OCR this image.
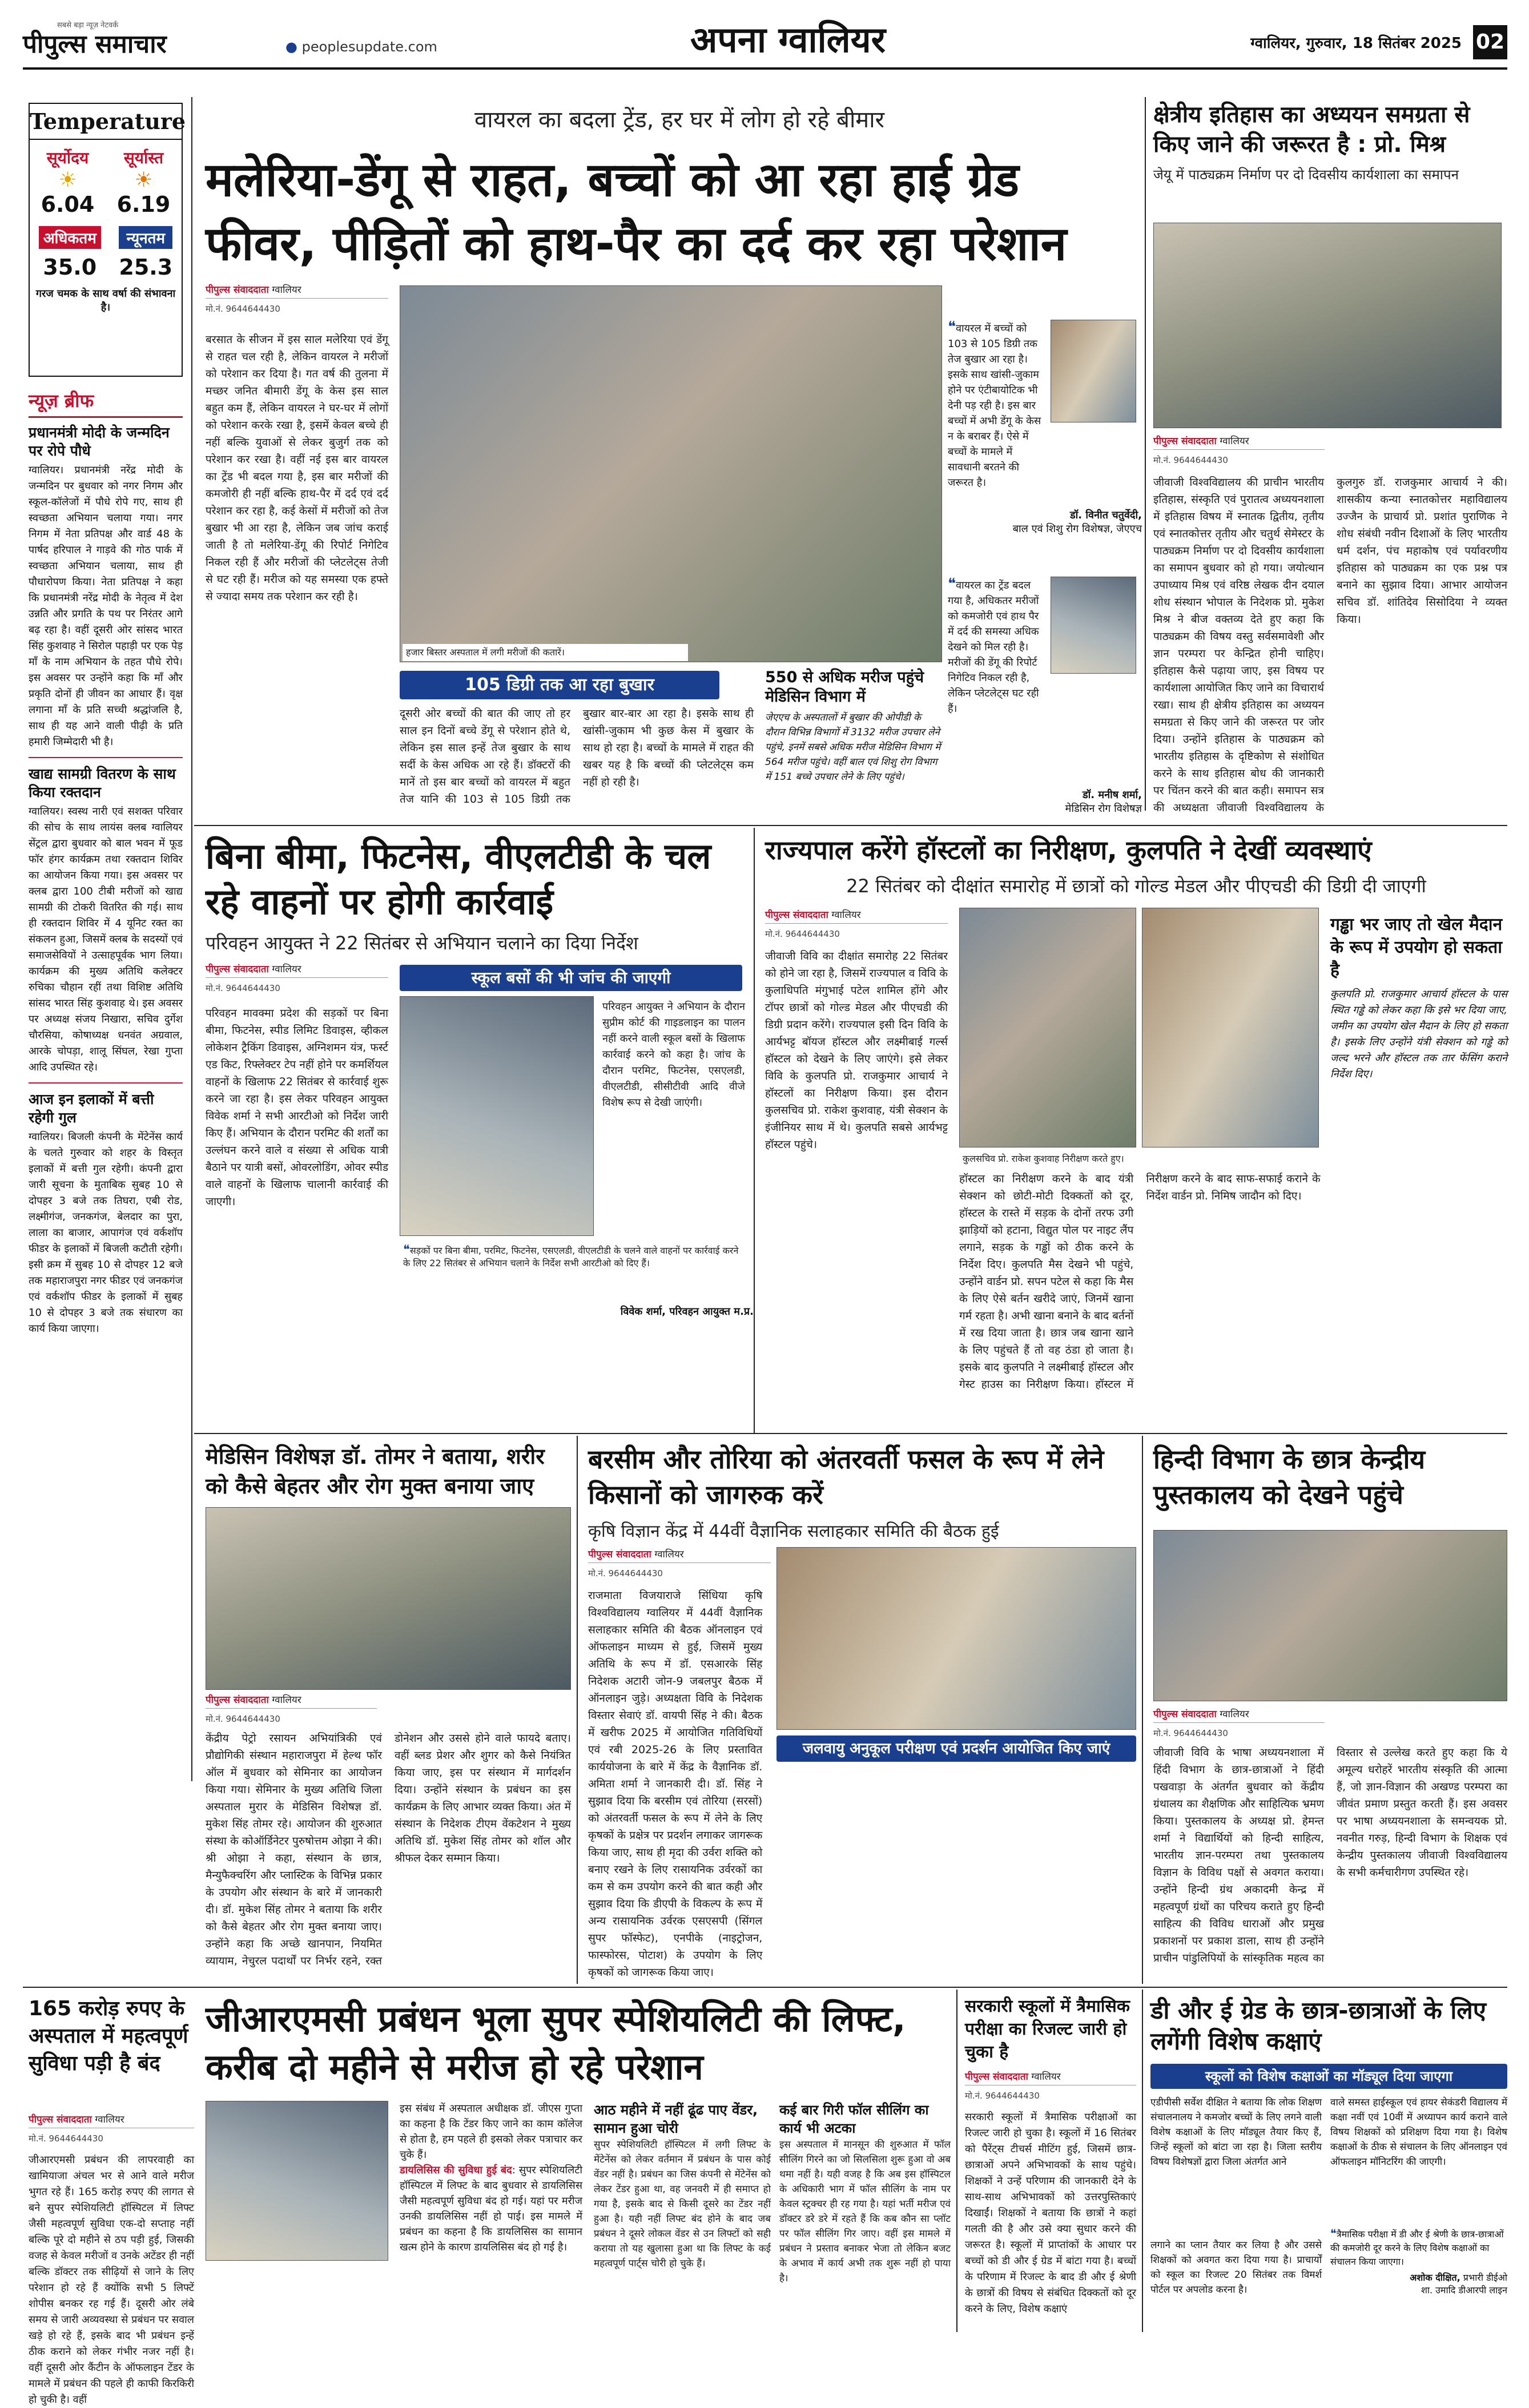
सबसे बड़ा न्यूज़ नेटवर्क
पीपुल्स समाचार	● peoplesupdate.com	अपना ग्वालियर	ग्वालियर, गुरुवार, 18 सितंबर 2025 02
Temperature
सूर्योदय
☀
6.04
सूर्यास्त
☀
6.19
अधिकतम
35.0
न्यूनतम
25.3
गरज चमक के साथ वर्षा की संभावना है।
न्यूज़ ब्रीफ
प्रधानमंत्री मोदी के जन्मदिन पर रोपे पौधे
ग्वालियर। प्रधानमंत्री नरेंद्र मोदी के जन्मदिन पर बुधवार को नगर निगम और स्कूल-कॉलेजों में पौधे रोपे गए, साथ ही स्वच्छता अभियान चलाया गया। नगर निगम में नेता प्रतिपक्ष और वार्ड 48 के पार्षद हरिपाल ने गाड़वे की गोठ पार्क में स्वच्छता अभियान चलाया, साथ ही पौधारोपण किया। नेता प्रतिपक्ष ने कहा कि प्रधानमंत्री नरेंद्र मोदी के नेतृत्व में देश उन्नति और प्रगति के पथ पर निरंतर आगे बढ़ रहा है। वहीं दूसरी ओर सांसद भारत सिंह कुशवाह ने सिरोल पहाड़ी पर एक पेड़ माँ के नाम अभियान के तहत पौधे रोपे। इस अवसर पर उन्होंने कहा कि माँ और प्रकृति दोनों ही जीवन का आधार हैं। वृक्ष लगाना माँ के प्रति सच्ची श्रद्धांजलि है, साथ ही यह आने वाली पीढ़ी के प्रति हमारी जिम्मेदारी भी है।
खाद्य सामग्री वितरण के साथ किया रक्तदान
ग्वालियर। स्वस्थ नारी एवं सशक्त परिवार की सोच के साथ लायंस क्लब ग्वालियर सेंट्रल द्वारा बुधवार को बाल भवन में फूड फॉर हंगर कार्यक्रम तथा रक्तदान शिविर का आयोजन किया गया। इस अवसर पर क्लब द्वारा 100 टीबी मरीजों को खाद्य सामग्री की टोकरी वितरित की गई। साथ ही रक्तदान शिविर में 4 यूनिट रक्त का संकलन हुआ, जिसमें क्लब के सदस्यों एवं समाजसेवियों ने उत्साहपूर्वक भाग लिया। कार्यक्रम की मुख्य अतिथि कलेक्टर रुचिका चौहान रहीं तथा विशिष्ट अतिथि सांसद भारत सिंह कुशवाह थे। इस अवसर पर अध्यक्ष संजय निखारा, सचिव दुर्गेश चौरसिया, कोषाध्यक्ष धनवंत अग्रवाल, आरके चोपड़ा, शालू सिंघल, रेखा गुप्ता आदि उपस्थित रहे।
आज इन इलाकों में बत्ती रहेगी गुल
ग्वालियर। बिजली कंपनी के मेंटेनेंस कार्य के चलते गुरुवार को शहर के विस्तृत इलाकों में बत्ती गुल रहेगी। कंपनी द्वारा जारी सूचना के मुताबिक सुबह 10 से दोपहर 3 बजे तक तिघरा, एबी रोड, लक्ष्मीगंज, जनकगंज, बेलदार का पुरा, लाला का बाजार, आपागंज एवं वर्कशॉप फीडर के इलाकों में बिजली कटौती रहेगी। इसी क्रम में सुबह 10 से दोपहर 12 बजे तक महाराजपुरा नगर फीडर एवं जनकगंज एवं वर्कशॉप फीडर के इलाकों में सुबह 10 से दोपहर 3 बजे तक संधारण का कार्य किया जाएगा।
वायरल का बदला ट्रेंड, हर घर में लोग हो रहे बीमार
मलेरिया-डेंगू से राहत, बच्चों को आ रहा हाई ग्रेड फीवर, पीड़ितों को हाथ-पैर का दर्द कर रहा परेशान
पीपुल्स संवाददाता ग्वालियर
मो.नं. 9644644430
हजार बिस्तर अस्पताल में लगी मरीजों की कतारें।
बरसात के सीजन में इस साल मलेरिया एवं डेंगू से राहत चल रही है, लेकिन वायरल ने मरीजों को परेशान कर दिया है। गत वर्ष की तुलना में मच्छर जनित बीमारी डेंगू के केस इस साल बहुत कम हैं, लेकिन वायरल ने घर-घर में लोगों को परेशान करके रखा है, इसमें केवल बच्चे ही नहीं बल्कि युवाओं से लेकर बुजुर्ग तक को परेशान कर रखा है। वहीं नई इस बार वायरल का ट्रेंड भी बदल गया है, इस बार मरीजों की कमजोरी ही नहीं बल्कि हाथ-पैर में दर्द एवं दर्द परेशान कर रहा है, कई केसों में मरीजों को तेज बुखार भी आ रहा है, लेकिन जब जांच कराई जाती है तो मलेरिया-डेंगू की रिपोर्ट निगेटिव निकल रही हैं और मरीजों की प्लेटलेट्स तेजी से घट रही हैं। मरीज को यह समस्या एक हफ्ते से ज्यादा समय तक परेशान कर रही है।
105 डिग्री तक आ रहा बुखार
दूसरी ओर बच्चों की बात की जाए तो हर साल इन दिनों बच्चे डेंगू से परेशान होते थे, लेकिन इस साल इन्हें तेज बुखार के साथ सर्दी के केस अधिक आ रहे हैं। डॉक्टरों की मानें तो इस बार बच्चों को वायरल में बहुत तेज यानि की 103 से 105 डिग्री तक बुखार बार-बार आ रहा है। इसके साथ ही खांसी-जुकाम भी कुछ केस में बुखार के साथ हो रहा है। बच्चों के मामले में राहत की खबर यह है कि बच्चों की प्लेटलेट्स कम नहीं हो रही है।
❝वायरल में बच्चों को 103 से 105 डिग्री तक तेज बुखार आ रहा है। इसके साथ खांसी-जुकाम होने पर एंटीबायोटिक भी देनी पड़ रही है। इस बार बच्चों में अभी डेंगू के केस न के बराबर हैं। ऐसे में बच्चों के मामले में सावधानी बरतने की जरूरत है।
डॉ. विनीत चतुर्वेदी,
बाल एवं शिशु रोग विशेषज्ञ, जेएएच
❝वायरल का ट्रेंड बदल गया है, अधिकतर मरीजों को कमजोरी एवं हाथ पैर में दर्द की समस्या अधिक देखने को मिल रही है। मरीजों की डेंगू की रिपोर्ट निगेटिव निकल रही है, लेकिन प्लेटलेट्स घट रही हैं।
डॉ. मनीष शर्मा,
मेडिसिन रोग विशेषज्ञ
550 से अधिक मरीज पहुंचे मेडिसिन विभाग में
जेएएच के अस्पतालों में बुखार की ओपीडी के दौरान विभिन्न विभागों में 3132 मरीज उपचार लेने पहुंचे, इनमें सबसे अधिक मरीज मेडिसिन विभाग में 564 मरीज पहुंचे। वहीं बाल एवं शिशु रोग विभाग में 151 बच्चे उपचार लेने के लिए पहुंचे।
क्षेत्रीय इतिहास का अध्ययन समग्रता से किए जाने की जरूरत है : प्रो. मिश्र
जेयू में पाठ्यक्रम निर्माण पर दो दिवसीय कार्यशाला का समापन
पीपुल्स संवाददाता ग्वालियर
मो.नं. 9644644430
जीवाजी विश्वविद्यालय की प्राचीन भारतीय इतिहास, संस्कृति एवं पुरातत्व अध्ययनशाला में इतिहास विषय में स्नातक द्वितीय, तृतीय एवं स्नातकोत्तर तृतीय और चतुर्थ सेमेस्टर के पाठ्यक्रम निर्माण पर दो दिवसीय कार्यशाला का समापन बुधवार को हो गया। जयोत्थान उपाध्याय मिश्र एवं वरिष्ठ लेखक दीन दयाल शोध संस्थान भोपाल के निदेशक प्रो. मुकेश मिश्र ने बीज वक्तव्य देते हुए कहा कि पाठ्यक्रम की विषय वस्तु सर्वसमावेशी और ज्ञान परम्परा पर केन्द्रित होनी चाहिए। इतिहास कैसे पढ़ाया जाए, इस विषय पर कार्यशाला आयोजित किए जाने का विचारार्थ रखा। साथ ही क्षेत्रीय इतिहास का अध्ययन समग्रता से किए जाने की जरूरत पर जोर दिया। उन्होंने इतिहास के पाठ्यक्रम को भारतीय इतिहास के दृष्टिकोण से संशोधित करने के साथ इतिहास बोध की जानकारी पर चिंतन करने की बात कही। समापन सत्र की अध्यक्षता जीवाजी विश्वविद्यालय के कुलगुरु डॉ. राजकुमार आचार्य ने की। शासकीय कन्या स्नातकोत्तर महाविद्यालय उज्जैन के प्राचार्य प्रो. प्रशांत पुराणिक ने शोध संबंधी नवीन दिशाओं के लिए भारतीय धर्म दर्शन, पंच महाकोष एवं पर्यावरणीय इतिहास को पाठ्यक्रम का एक प्रश्न पत्र बनाने का सुझाव दिया। आभार आयोजन सचिव डॉ. शांतिदेव सिसोदिया ने व्यक्त किया।
बिना बीमा, फिटनेस, वीएलटीडी के चल रहे वाहनों पर होगी कार्रवाई
परिवहन आयुक्त ने 22 सितंबर से अभियान चलाने का दिया निर्देश
पीपुल्स संवाददाता ग्वालियर
मो.नं. 9644644430
स्कूल बसों की भी जांच की जाएगी
परिवहन मावक्मा प्रदेश की सड़कों पर बिना बीमा, फिटनेस, स्पीड लिमिट डिवाइस, व्हीकल लोकेशन ट्रैकिंग डिवाइस, अग्निशमन यंत्र, फर्स्ट एड किट, रिफ्लेक्टर टेप नहीं होने पर कमर्शियल वाहनों के खिलाफ 22 सितंबर से कार्रवाई शुरू करने जा रहा है। इस लेकर परिवहन आयुक्त विवेक शर्मा ने सभी आरटीओ को निर्देश जारी किए हैं। अभियान के दौरान परमिट की शर्तों का उल्लंघन करने वाले व संख्या से अधिक यात्री बैठाने पर यात्री बसों, ओवरलोडिंग, ओवर स्पीड वाले वाहनों के खिलाफ चालानी कार्रवाई की जाएगी।
परिवहन आयुक्त ने अभियान के दौरान सुप्रीम कोर्ट की गाइडलाइन का पालन नहीं करने वाली स्कूल बसों के खिलाफ कार्रवाई करने को कहा है। जांच के दौरान परमिट, फिटनेस, एसएलडी, वीएलटीडी, सीसीटीवी आदि वीजे विशेष रूप से देखी जाएंगी।
❝सड़कों पर बिना बीमा, परमिट, फिटनेस, एसएलडी, वीएलटीडी के चलने वाले वाहनों पर कार्रवाई करने के लिए 22 सितंबर से अभियान चलाने के निर्देश सभी आरटीओ को दिए हैं।
विवेक शर्मा, परिवहन आयुक्त म.प्र.
राज्यपाल करेंगे हॉस्टलों का निरीक्षण, कुलपति ने देखीं व्यवस्थाएं
22 सितंबर को दीक्षांत समारोह में छात्रों को गोल्ड मेडल और पीएचडी की डिग्री दी जाएगी
पीपुल्स संवाददाता ग्वालियर
मो.नं. 9644644430
जीवाजी विवि का दीक्षांत समारोह 22 सितंबर को होने जा रहा है, जिसमें राज्यपाल व विवि के कुलाधिपति मंगुभाई पटेल शामिल होंगे और टॉपर छात्रों को गोल्ड मेडल और पीएचडी की डिग्री प्रदान करेंगे। राज्यपाल इसी दिन विवि के आर्यभट्ट बॉयज हॉस्टल और लक्ष्मीबाई गर्ल्स हॉस्टल को देखने के लिए जाएंगे। इसे लेकर विवि के कुलपति प्रो. राजकुमार आचार्य ने हॉस्टलों का निरीक्षण किया। इस दौरान कुलसचिव प्रो. राकेश कुशवाह, यंत्री सेक्शन के इंजीनियर साथ में थे। कुलपति सबसे आर्यभट्ट हॉस्टल पहुंचे।
कुलसचिव प्रो. राकेश कुशवाह निरीक्षण करते हुए।
हॉस्टल का निरीक्षण करने के बाद यंत्री सेक्शन को छोटी-मोटी दिक्कतों को दूर, हॉस्टल के रास्ते में सड़क के दोनों तरफ उगी झाड़ियों को हटाना, विद्युत पोल पर नाइट लैंप लगाने, सड़क के गड्ढों को ठीक करने के निर्देश दिए। कुलपति मैस देखने भी पहुंचे, उन्होंने वार्डन प्रो. सपन पटेल से कहा कि मैस के लिए ऐसे बर्तन खरीदे जाएं, जिनमें खाना गर्म रहता है। अभी खाना बनाने के बाद बर्तनों में रख दिया जाता है। छात्र जब खाना खाने के लिए पहुंचते हैं तो वह ठंडा हो जाता है। इसके बाद कुलपति ने लक्ष्मीबाई हॉस्टल और गेस्ट हाउस का निरीक्षण किया। हॉस्टल में निरीक्षण करने के बाद साफ-सफाई कराने के निर्देश वार्डन प्रो. निमिष जादौन को दिए।
गड्ढा भर जाए तो खेल मैदान के रूप में उपयोग हो सकता है
कुलपति प्रो. राजकुमार आचार्य हॉस्टल के पास स्थित गड्ढे को लेकर कहा कि इसे भर दिया जाए, जमीन का उपयोग खेल मैदान के लिए हो सकता है। इसके लिए उन्होंने यंत्री सेक्शन को गड्ढे को जल्द भरने और हॉस्टल तक तार फेंसिंग कराने निर्देश दिए।
मेडिसिन विशेषज्ञ डॉ. तोमर ने बताया, शरीर को कैसे बेहतर और रोग मुक्त बनाया जाए
पीपुल्स संवाददाता ग्वालियर
मो.नं. 9644644430
केंद्रीय पेट्रो रसायन अभियांत्रिकी एवं प्रौद्योगिकी संस्थान महाराजपुरा में हेल्थ फॉर ऑल में बुधवार को सेमिनार का आयोजन किया गया। सेमिनार के मुख्य अतिथि जिला अस्पताल मुरार के मेडिसिन विशेषज्ञ डॉ. मुकेश सिंह तोमर रहे। आयोजन की शुरुआत संस्था के कोऑर्डिनेटर पुरुषोत्तम ओझा ने की। श्री ओझा ने कहा, संस्थान के छात्र, मैन्युफैक्चरिंग और प्लास्टिक के विभिन्न प्रकार के उपयोग और संस्थान के बारे में जानकारी दी। डॉ. मुकेश सिंह तोमर ने बताया कि शरीर को कैसे बेहतर और रोग मुक्त बनाया जाए। उन्होंने कहा कि अच्छे खानपान, नियमित व्यायाम, नेचुरल पदार्थों पर निर्भर रहने, रक्त डोनेशन और उससे होने वाले फायदे बताए। वहीं ब्लड प्रेशर और शुगर को कैसे नियंत्रित किया जाए, इस पर संस्थान में मार्गदर्शन दिया। उन्होंने संस्थान के प्रबंधन का इस कार्यक्रम के लिए आभार व्यक्त किया। अंत में संस्थान के निदेशक टीएम वेंकटेशन ने मुख्य अतिथि डॉ. मुकेश सिंह तोमर को शॉल और श्रीफल देकर सम्मान किया।
बरसीम और तोरिया को अंतरवर्ती फसल के रूप में लेने किसानों को जागरुक करें
कृषि विज्ञान केंद्र में 44वीं वैज्ञानिक सलाहकार समिति की बैठक हुई
पीपुल्स संवाददाता ग्वालियर
मो.नं. 9644644430
जलवायु अनुकूल परीक्षण एवं प्रदर्शन आयोजित किए जाएं
राजमाता विजयाराजे सिंधिया कृषि विश्वविद्यालय ग्वालियर में 44वीं वैज्ञानिक सलाहकार समिति की बैठक ऑनलाइन एवं ऑफलाइन माध्यम से हुई, जिसमें मुख्य अतिथि के रूप में डॉ. एसआरके सिंह निदेशक अटारी जोन-9 जबलपुर बैठक में ऑनलाइन जुड़े। अध्यक्षता विवि के निदेशक विस्तार सेवाएं डॉ. वायपी सिंह ने की। बैठक में खरीफ 2025 में आयोजित गतिविधियों एवं रबी 2025-26 के लिए प्रस्तावित कार्ययोजना के बारे में केंद्र के वैज्ञानिक डॉ. अमिता शर्मा ने जानकारी दी। डॉ. सिंह ने सुझाव दिया कि बरसीम एवं तोरिया (सरसों) को अंतरवर्ती फसल के रूप में लेने के लिए कृषकों के प्रक्षेत्र पर प्रदर्शन लगाकर जागरूक किया जाए, साथ ही मृदा की उर्वरा शक्ति को बनाए रखने के लिए रासायनिक उर्वरकों का कम से कम उपयोग करने की बात कही और सुझाव दिया कि डीएपी के विकल्प के रूप में अन्य रासायनिक उर्वरक एसएसपी (सिंगल सुपर फॉस्फेट), एनपीके (नाइट्रोजन, फास्फोरस, पोटाश) के उपयोग के लिए कृषकों को जागरूक किया जाए।
हिन्दी विभाग के छात्र केन्द्रीय पुस्तकालय को देखने पहुंचे
पीपुल्स संवाददाता ग्वालियर
मो.नं. 9644644430
जीवाजी विवि के भाषा अध्ययनशाला में हिंदी विभाग के छात्र-छात्राओं ने हिंदी पखवाड़ा के अंतर्गत बुधवार को केंद्रीय ग्रंथालय का शैक्षणिक और साहित्यिक भ्रमण किया। पुस्तकालय के अध्यक्ष प्रो. हेमन्त शर्मा ने विद्यार्थियों को हिन्दी साहित्य, भारतीय ज्ञान-परम्परा तथा पुस्तकालय विज्ञान के विविध पक्षों से अवगत कराया। उन्होंने हिन्दी ग्रंथ अकादमी केन्द्र में महत्वपूर्ण ग्रंथों का परिचय कराते हुए हिन्दी साहित्य की विविध धाराओं और प्रमुख प्रकाशनों पर प्रकाश डाला, साथ ही उन्होंने प्राचीन पांडुलिपियों के सांस्कृतिक महत्व का विस्तार से उल्लेख करते हुए कहा कि ये अमूल्य धरोहरें भारतीय संस्कृति की आत्मा हैं, जो ज्ञान-विज्ञान की अखण्ड परम्परा का जीवंत प्रमाण प्रस्तुत करती हैं। इस अवसर पर भाषा अध्ययनशाला के समन्वयक प्रो. नवनीत गरुड़, हिन्दी विभाग के शिक्षक एवं केन्द्रीय पुस्तकालय जीवाजी विश्वविद्यालय के सभी कर्मचारीगण उपस्थित रहे।
165 करोड़ रुपए के अस्पताल में महत्वपूर्ण सुविधा पड़ी है बंद
पीपुल्स संवाददाता ग्वालियर
मो.नं. 9644644430
जीआरएमसी प्रबंधन भूला सुपर स्पेशियलिटी की लिफ्ट, करीब दो महीने से मरीज हो रहे परेशान
जीआरएमसी प्रबंधन की लापरवाही का खामियाजा अंचल भर से आने वाले मरीज भुगत रहे हैं। 165 करोड़ रुपए की लागत से बने सुपर स्पेशियलिटी हॉस्पिटल में लिफ्ट जैसी महत्वपूर्ण सुविधा एक-दो सप्ताह नहीं बल्कि पूरे दो महीने से ठप पड़ी हुई, जिसकी वजह से केवल मरीजों व उनके अटेंडर ही नहीं बल्कि डॉक्टर तक सीढ़ियों से जाने के लिए परेशान हो रहे हैं क्योंकि सभी 5 लिफ्टें शोपीस बनकर रह गई हैं। दूसरी ओर लंबे समय से जारी अव्यवस्था से प्रबंधन पर सवाल खड़े हो रहे हैं, इसके बाद भी प्रबंधन इन्हें ठीक कराने को लेकर गंभीर नजर नहीं है। वहीं दूसरी ओर कैंटीन के ऑफलाइन टेंडर के मामले में प्रबंधन की पहले ही काफी किरकिरी हो चुकी है। वहीं
इस संबंध में अस्पताल अधीक्षक डॉ. जीएस गुप्ता का कहना है कि टेंडर किए जाने का काम कॉलेज से होता है, हम पहले ही इसको लेकर पत्राचार कर चुके हैं।
डायलिसिस की सुविधा हुई बंद: सुपर स्पेशियलिटी हॉस्पिटल में लिफ्ट के बाद बुधवार से डायलिसिस जैसी महत्वपूर्ण सुविधा बंद हो गई। यहां पर मरीज उनकी डायलिसिस नहीं हो पाई। इस मामले में प्रबंधन का कहना है कि डायलिसिस का सामान खत्म होने के कारण डायलिसिस बंद हो गई है।
आठ महीने में नहीं ढूंढ पाए वेंडर, सामान हुआ चोरी
सुपर स्पेशियलिटी हॉस्पिटल में लगी लिफ्ट के मेंटेनेंस को लेकर वर्तमान में प्रबंधन के पास कोई वेंडर नहीं है। प्रबंधन का जिस कंपनी से मेंटेनेंस को लेकर टेंडर हुआ था, वह जनवरी में ही समाप्त हो गया है, इसके बाद से किसी दूसरे का टेंडर नहीं हुआ है। यही नहीं लिफ्ट बंद होने के बाद जब प्रबंधन ने दूसरे लोकल वेंडर से उन लिफ्टों को सही कराया तो यह खुलासा हुआ था कि लिफ्ट के कई महत्वपूर्ण पार्ट्स चोरी हो चुके हैं।
कई बार गिरी फॉल सीलिंग का कार्य भी अटका
इस अस्पताल में मानसून की शुरुआत में फॉल सीलिंग गिरने का जो सिलसिला शुरू हुआ वो अब थमा नहीं है। यही वजह है कि अब इस हॉस्पिटल के अधिकारी भाग में फॉल सीलिंग के नाम पर केवल स्ट्रक्चर ही रह गया है। यहां भर्ती मरीज एवं डॉक्टर डरे डरे में रहते हैं कि कब कौन सा प्लॉट पर फॉल सीलिंग गिर जाए। वहीं इस मामले में प्रबंधन ने प्रस्ताव बनाकर भेजा तो लेकिन बजट के अभाव में कार्य अभी तक शुरू नहीं हो पाया है।
सरकारी स्कूलों में त्रैमासिक परीक्षा का रिजल्ट जारी हो चुका है
पीपुल्स संवाददाता ग्वालियर
मो.नं. 9644644430
सरकारी स्कूलों में त्रैमासिक परीक्षाओं का रिजल्ट जारी हो चुका है। स्कूलों में 16 सितंबर को पैरेंट्स टीचर्स मीटिंग हुई, जिसमें छात्र-छात्राओं अपने अभिभावकों के साथ पहुंचे। शिक्षकों ने उन्हें परिणाम की जानकारी देने के साथ-साथ अभिभावकों को उत्तरपुस्तिकाएं दिखाईं। शिक्षकों ने बताया कि छात्रों ने कहां गलती की है और उसे क्या सुधार करने की जरूरत है। स्कूलों में प्राप्तांकों के आधार पर बच्चों को डी और ई ग्रेड में बांटा गया है। बच्चों के परिणाम में रिजल्ट के बाद डी और ई श्रेणी के छात्रों की विषय से संबंधित दिक्कतों को दूर करने के लिए, विशेष कक्षाएं
डी और ई ग्रेड के छात्र-छात्राओं के लिए लगेंगी विशेष कक्षाएं
स्कूलों को विशेष कक्षाओं का मॉड्यूल दिया जाएगा
एडीपीसी सर्वेश दीक्षित ने बताया कि लोक शिक्षण संचालनालय ने कमजोर बच्चों के लिए लगने वाली विशेष कक्षाओं के लिए मॉड्यूल तैयार किए हैं, जिन्हें स्कूलों को बांटा जा रहा है। जिला स्तरीय विषय विशेषज्ञों द्वारा जिला अंतर्गत आने
वाले समस्त हाईस्कूल एवं हायर सेकंडरी विद्यालय में कक्षा नवीं एवं 10वीं में अध्यापन कार्य कराने वाले विषय शिक्षकों को प्रशिक्षण दिया गया है। विशेष कक्षाओं के ठीक से संचालन के लिए ऑनलाइन एवं ऑफलाइन मॉनिटरिंग की जाएगी।
लगाने का प्लान तैयार कर लिया है और उससे शिक्षकों को अवगत करा दिया गया है। प्राचार्यों को स्कूल का रिजल्ट 20 सितंबर तक विमर्श पोर्टल पर अपलोड करना है।
❝त्रैमासिक परीक्षा में डी और ई श्रेणी के छात्र-छात्राओं की कमजोरी दूर करने के लिए विशेष कक्षाओं का संचालन किया जाएगा।
अशोक दीक्षित, प्रभारी डीईओ
शा. उमादि डीआरपी लाइन
